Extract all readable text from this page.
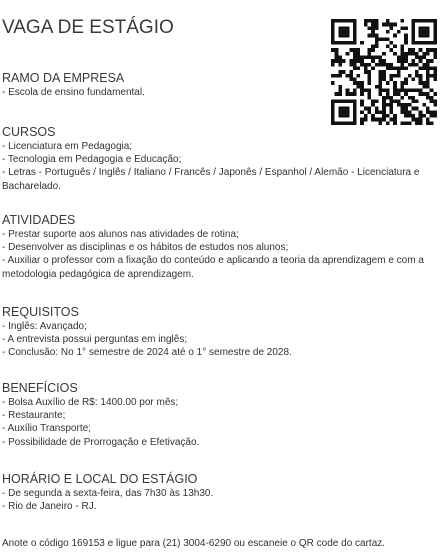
VAGA DE ESTÁGIO
RAMO DA EMPRESA
- Escola de ensino fundamental.
CURSOS
- Licenciatura em Pedagogia;
- Tecnologia em Pedagogia e Educação;
- Letras - Português / Inglês / Italiano / Francês / Japonês / Espanhol / Alemão - Licenciatura e Bacharelado.
ATIVIDADES
- Prestar suporte aos alunos nas atividades de rotina;
- Desenvolver as disciplinas e os hábitos de estudos nos alunos;
- Auxiliar o professor com a fixação do conteúdo e aplicando a teoria da aprendizagem e com a metodologia pedagógica de aprendizagem.
REQUISITOS
- Inglês: Avançado;
- A entrevista possui perguntas em inglês;
- Conclusão: No 1° semestre de 2024 até o 1° semestre de 2028.
BENEFÍCIOS
- Bolsa Auxílio de R$: 1400.00 por mês;
- Restaurante;
- Auxílio Transporte;
- Possibilidade de Prorrogação e Efetivação.
HORÁRIO E LOCAL DO ESTÁGIO
- De segunda a sexta-feira, das 7h30 às 13h30.
- Rio de Janeiro - RJ.
Anote o código 169153 e ligue para (21) 3004-6290 ou escaneie o QR code do cartaz.
